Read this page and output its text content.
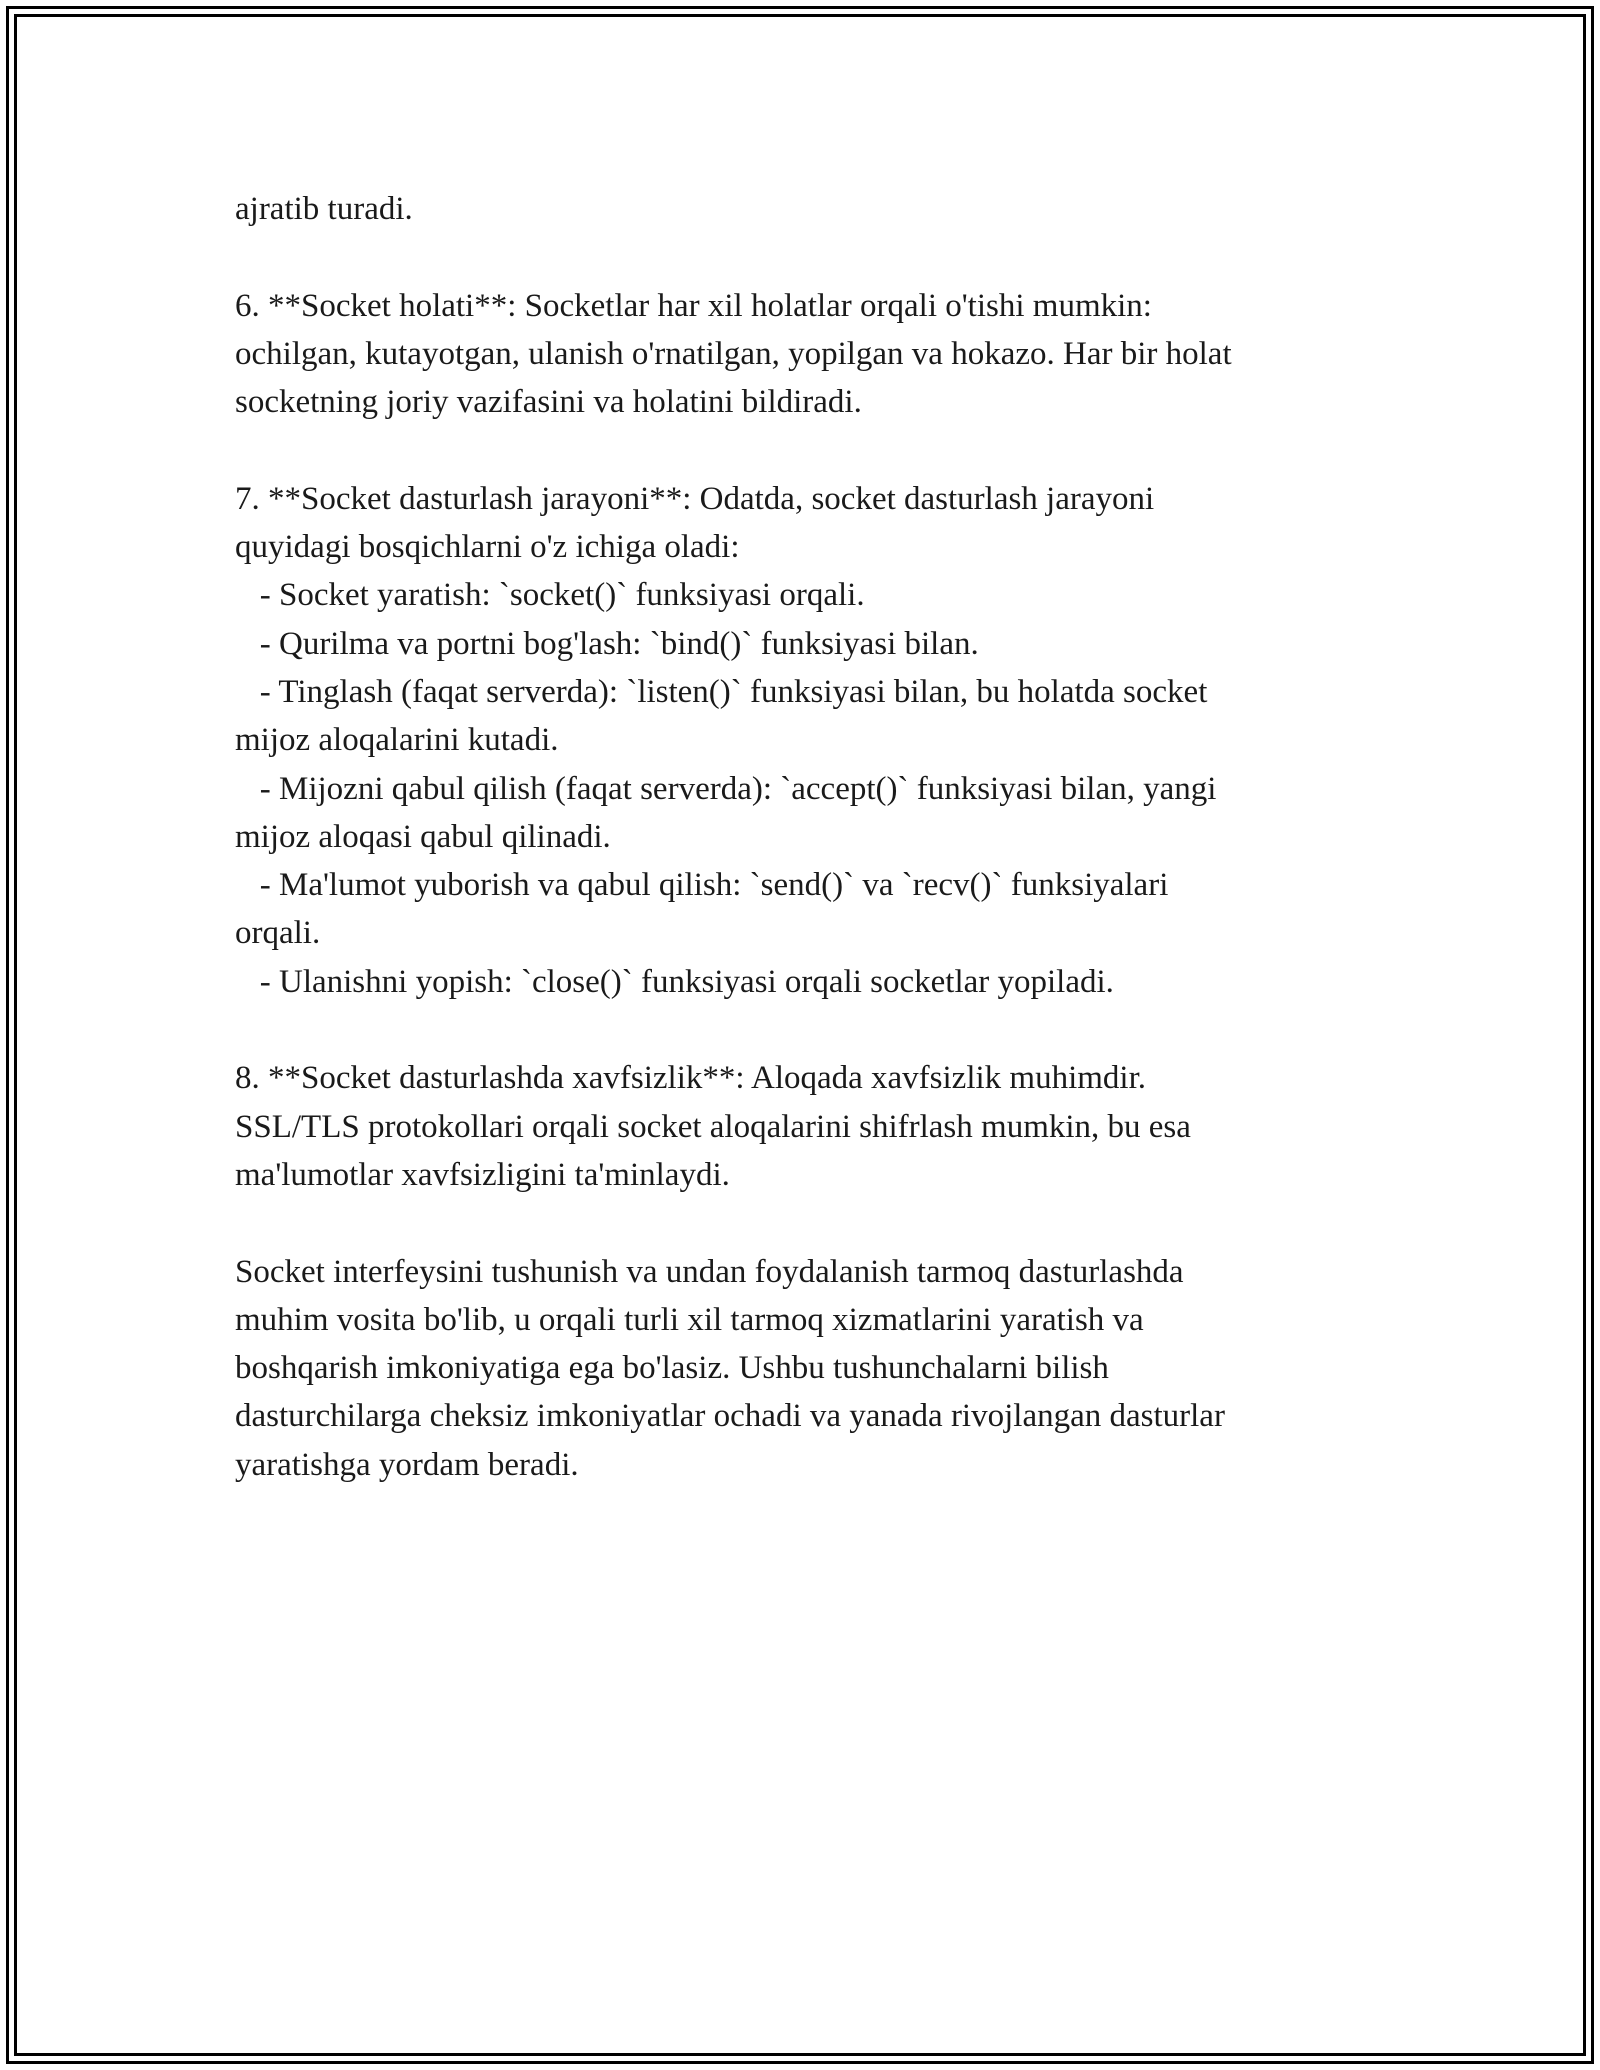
ajratib turadi.
6. **Socket holati**: Socketlar har xil holatlar orqali o'tishi mumkin:
ochilgan, kutayotgan, ulanish o'rnatilgan, yopilgan va hokazo. Har bir holat
socketning joriy vazifasini va holatini bildiradi.
7. **Socket dasturlash jarayoni**: Odatda, socket dasturlash jarayoni
quyidagi bosqichlarni o'z ichiga oladi:
- Socket yaratish: `socket()` funksiyasi orqali.
- Qurilma va portni bog'lash: `bind()` funksiyasi bilan.
- Tinglash (faqat serverda): `listen()` funksiyasi bilan, bu holatda socket
mijoz aloqalarini kutadi.
- Mijozni qabul qilish (faqat serverda): `accept()` funksiyasi bilan, yangi
mijoz aloqasi qabul qilinadi.
- Ma'lumot yuborish va qabul qilish: `send()` va `recv()` funksiyalari
orqali.
- Ulanishni yopish: `close()` funksiyasi orqali socketlar yopiladi.
8. **Socket dasturlashda xavfsizlik**: Aloqada xavfsizlik muhimdir.
SSL/TLS protokollari orqali socket aloqalarini shifrlash mumkin, bu esa
ma'lumotlar xavfsizligini ta'minlaydi.
Socket interfeysini tushunish va undan foydalanish tarmoq dasturlashda
muhim vosita bo'lib, u orqali turli xil tarmoq xizmatlarini yaratish va
boshqarish imkoniyatiga ega bo'lasiz. Ushbu tushunchalarni bilish
dasturchilarga cheksiz imkoniyatlar ochadi va yanada rivojlangan dasturlar
yaratishga yordam beradi.
